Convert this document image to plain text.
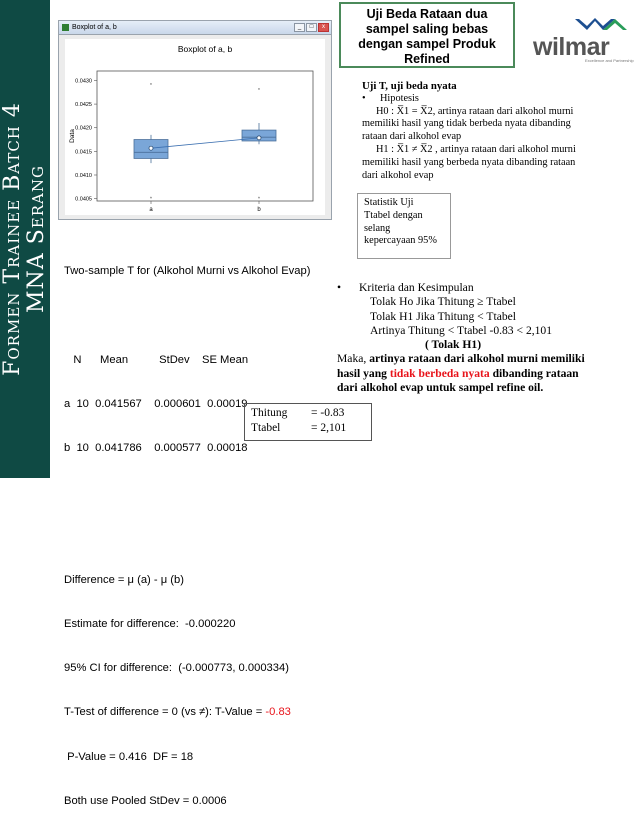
Formen Trainee Batch 4 MNA Serang
Boxplot of a, b	_	□	x
Boxplot of a, b
0.0405
0.0410
0.0415
0.0420
0.0425
0.0430
Data
a
*
*
b
*
*
Uji Beda Rataan dua
sampel saling bebas
dengan sampel Produk
Refined	wilmar
Excellence and Partnership
Uji T, uji beda nyata
• Hipotesis
H0 : X̅1 = X̅2, artinya rataan dari alkohol murni
memiliki hasil yang tidak berbeda nyata dibanding
rataan dari alkohol evap
H1 : X̅1 ≠ X̅2 , artinya rataan dari alkohol murni
memiliki hasil yang berbeda nyata dibanding rataan
dari alkohol evap
Statistik Uji
Ttabel dengan
selang
kepercayaan 95%

Two-sample T for (Alkohol Murni vs Alkohol Evap)

N      Mean          StDev    SE Mean

a  10  0.041567    0.000601  0.00019

b  10  0.041786    0.000577  0.00018

Difference = μ (a) - μ (b)

Estimate for difference:  -0.000220

95% CI for difference:  (-0.000773, 0.000334)

T-Test of difference = 0 (vs ≠): T-Value = -0.83

P-Value = 0.416  DF = 18

Both use Pooled StDev = 0.0006

• Kriteria dan Kesimpulan
Tolak Ho Jika Thitung ≥ Ttabel
Tolak H1 Jika Thitung < Ttabel
Artinya Thitung < Ttabel -0.83 < 2,101
( Tolak H1)
Maka, artinya rataan dari alkohol murni memiliki
hasil yang tidak berbeda nyata dibanding rataan
dari alkohol evap untuk sampel refine oil.
Thitung	= -0.83
Ttabel	= 2,101
